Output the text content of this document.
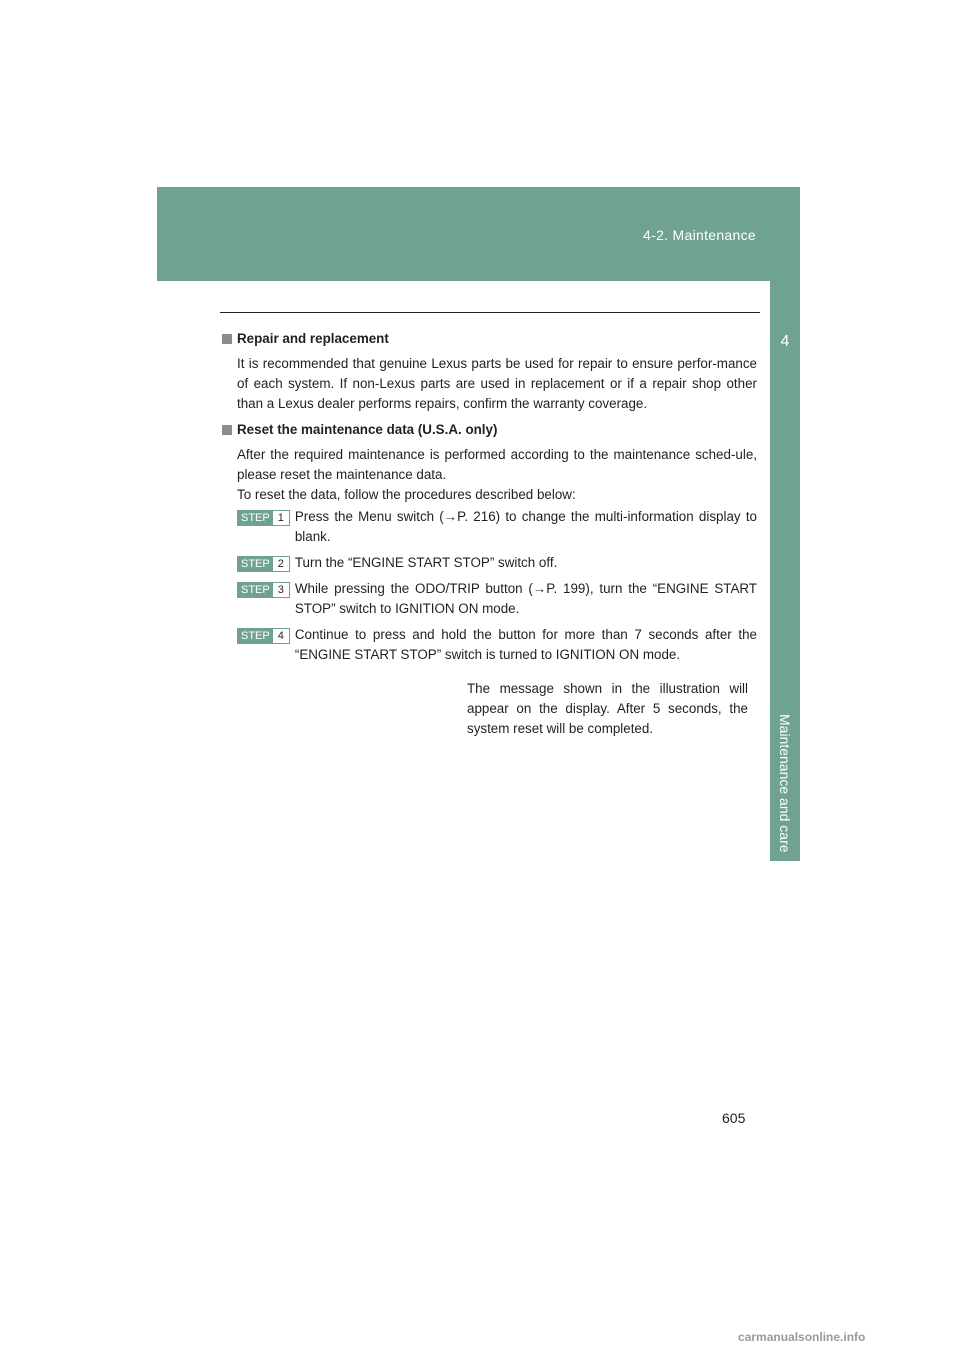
4-2. Maintenance
4
Maintenance and care
Repair and replacement

It is recommended that genuine Lexus parts be used for repair to ensure perfor-mance of each system. If non-Lexus parts are used in replacement or if a repair shop other than a Lexus dealer performs repairs, confirm the warranty coverage.

Reset the maintenance data (U.S.A. only)

After the required maintenance is performed according to the maintenance sched-ule, please reset the maintenance data.

To reset the data, follow the procedures described below:

STEP 1 Press the Menu switch (→P. 216) to change the multi-information display to blank.
STEP 2 Turn the “ENGINE START STOP” switch off.
STEP 3 While pressing the ODO/TRIP button (→P. 199), turn the “ENGINE START STOP” switch to IGNITION ON mode.
STEP 4 Continue to press and hold the button for more than 7 seconds after the “ENGINE START STOP” switch is turned to IGNITION ON mode.
The message shown in the illustration will appear on the display. After 5 seconds, the system reset will be completed.
605
carmanualsonline.info
